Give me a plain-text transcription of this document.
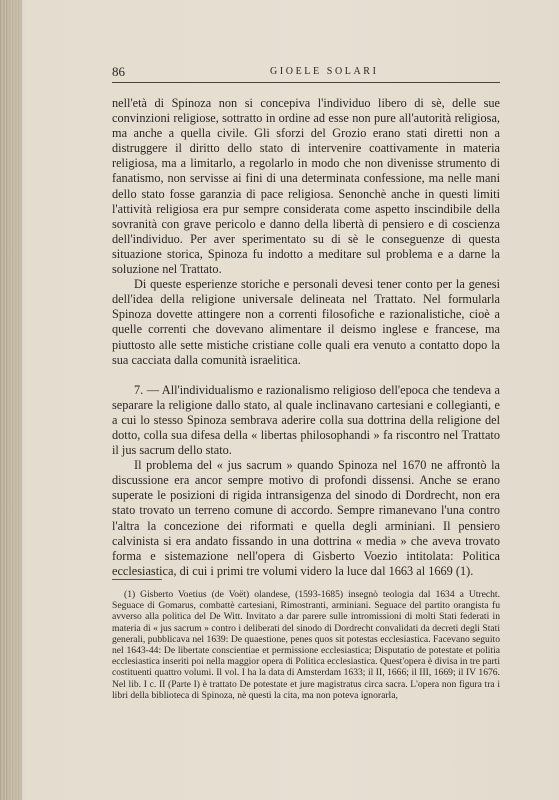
86	GIOELE SOLARI

nell'età di Spinoza non si concepiva l'individuo libero di sè, delle sue convinzioni religiose, sottratto in ordine ad esse non pure all'autorità religiosa, ma anche a quella civile. Gli sforzi del Grozio erano stati diretti non a distruggere il diritto dello stato di intervenire coattivamente in materia religiosa, ma a limitarlo, a regolarlo in modo che non divenisse strumento di fanatismo, non servisse ai fini di una determinata confessione, ma nelle mani dello stato fosse garanzia di pace religiosa. Senonchè anche in questi limiti l'attività religiosa era pur sempre considerata come aspetto inscindibile della sovranità con grave pericolo e danno della libertà di pensiero e di coscienza dell'individuo. Per aver sperimentato su di sè le conseguenze di questa situazione storica, Spinoza fu indotto a meditare sul problema e a darne la soluzione nel Trattato.

Di queste esperienze storiche e personali devesi tener conto per la genesi dell'idea della religione universale delineata nel Trattato. Nel formularla Spinoza dovette attingere non a correnti filosofiche e razionalistiche, cioè a quelle correnti che dovevano alimentare il deismo inglese e francese, ma piuttosto alle sette mistiche cristiane colle quali era venuto a contatto dopo la sua cacciata dalla comunità israelitica.

7. — All'individualismo e razionalismo religioso dell'epoca che tendeva a separare la religione dallo stato, al quale inclinavano cartesiani e collegianti, e a cui lo stesso Spinoza sembrava aderire colla sua dottrina della religione del dotto, colla sua difesa della « libertas philosophandi » fa riscontro nel Trattato il jus sacrum dello stato.

Il problema del « jus sacrum » quando Spinoza nel 1670 ne affrontò la discussione era ancor sempre motivo di profondi dissensi. Anche se erano superate le posizioni di rigida intransigenza del sinodo di Dordrecht, non era stato trovato un terreno comune di accordo. Sempre rimanevano l'una contro l'altra la concezione dei riformati e quella degli arminiani. Il pensiero calvinista si era andato fissando in una dottrina « media » che aveva trovato forma e sistemazione nell'opera di Gisberto Voezio intitolata: Politica ecclesiastica, di cui i primi tre volumi videro la luce dal 1663 al 1669 (1).

(1) Gisberto Voetius (de Voët) olandese, (1593-1685) insegnò teologia dal 1634 a Utrecht. Seguace di Gomarus, combattè cartesiani, Rimostranti, arminiani. Seguace del partito orangista fu avverso alla politica del De Witt. Invitato a dar parere sulle intromissioni di molti Stati federati in materia di « jus sacrum » contro i deliberati del sinodo di Dordrecht convalidati da decreti degli Stati generali, pubblicava nel 1639: De quaestione, penes quos sit potestas ecclesiastica. Facevano seguito nel 1643-44: De libertate conscientiae et permissione ecclesiastica; Disputatio de potestate et politia ecclesiastica inseriti poi nella maggior opera di Politica ecclesiastica. Quest'opera è divisa in tre parti costituenti quattro volumi. Il vol. I ha la data di Amsterdam 1633; il II, 1666; il III, 1669; il IV 1676. Nel lib. I c. II (Parte I) è trattato De potestate et jure magistratus circa sacra. L'opera non figura tra i libri della biblioteca di Spinoza, nè questi la cita, ma non poteva ignorarla,
